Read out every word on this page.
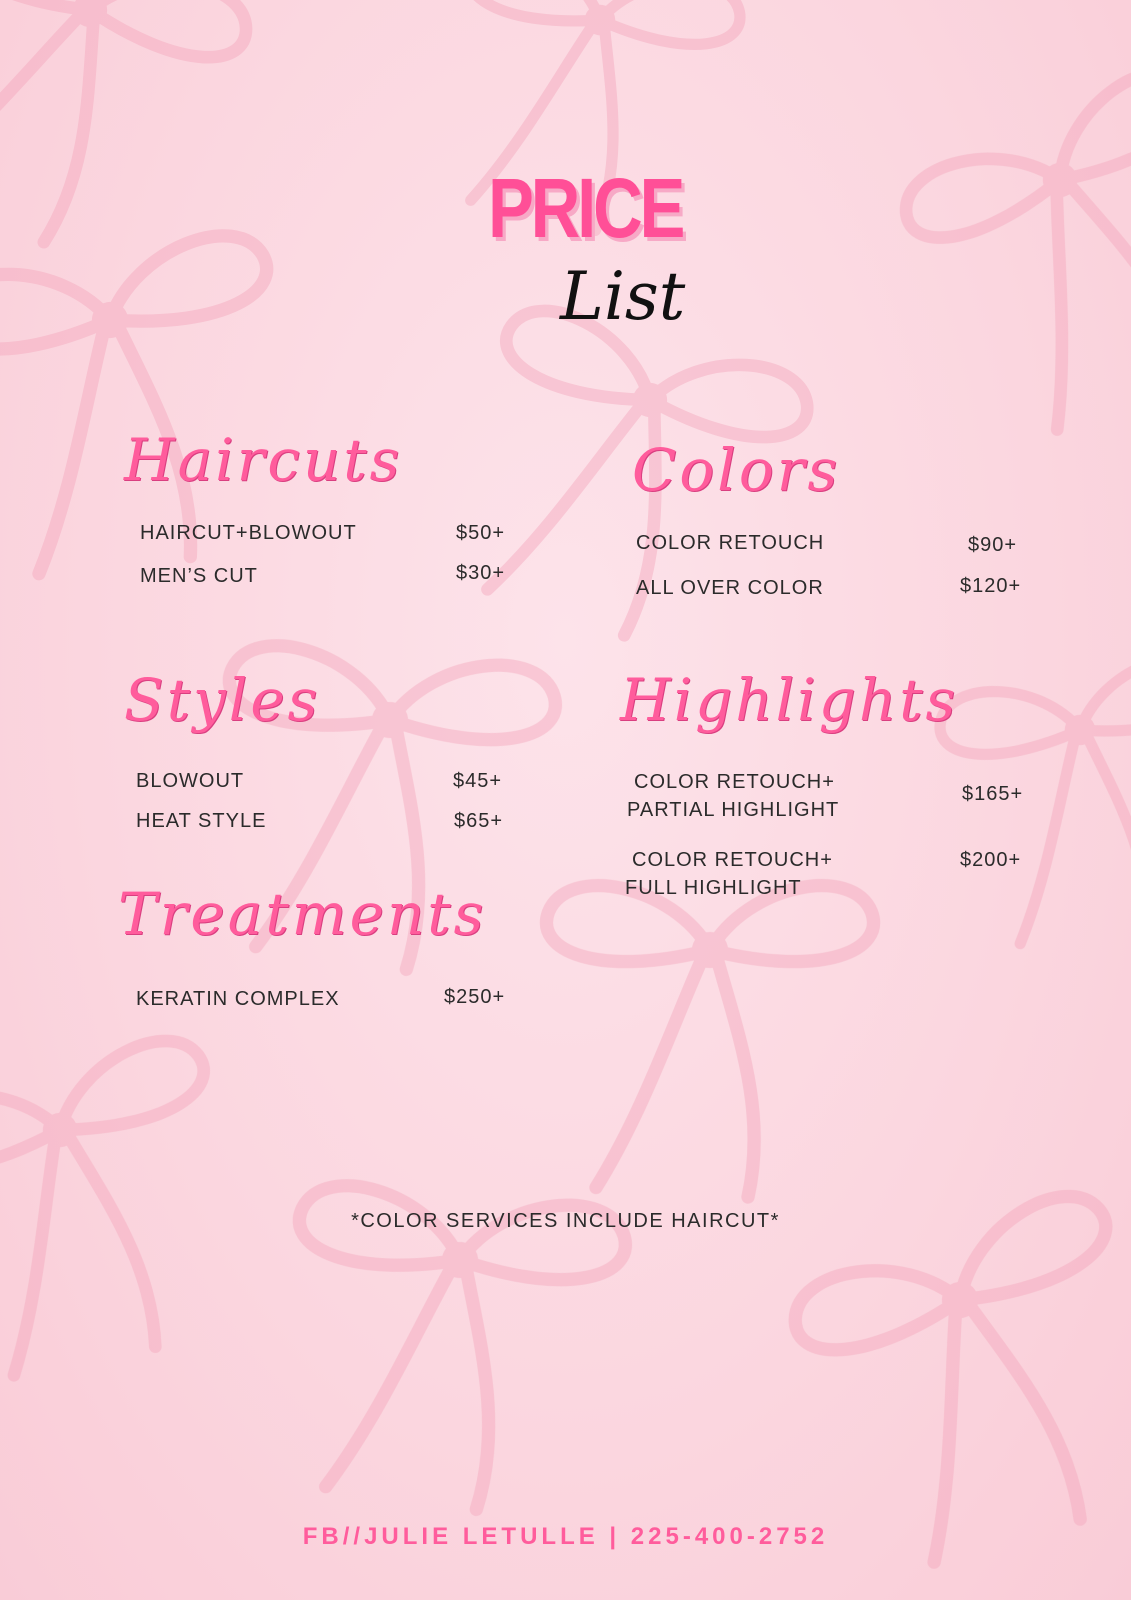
PRICE
List
Haircuts
HAIRCUT+BLOWOUT	$50+
MEN’S CUT	$30+
Colors
COLOR RETOUCH	$90+
ALL OVER COLOR	$120+
Styles
BLOWOUT	$45+
HEAT STYLE	$65+
Highlights
COLOR RETOUCH+
PARTIAL HIGHLIGHT
$165+
COLOR RETOUCH+
FULL HIGHLIGHT
$200+
Treatments
KERATIN COMPLEX	$250+
*COLOR SERVICES INCLUDE HAIRCUT*
FB//JULIE LETULLE | 225-400-2752
